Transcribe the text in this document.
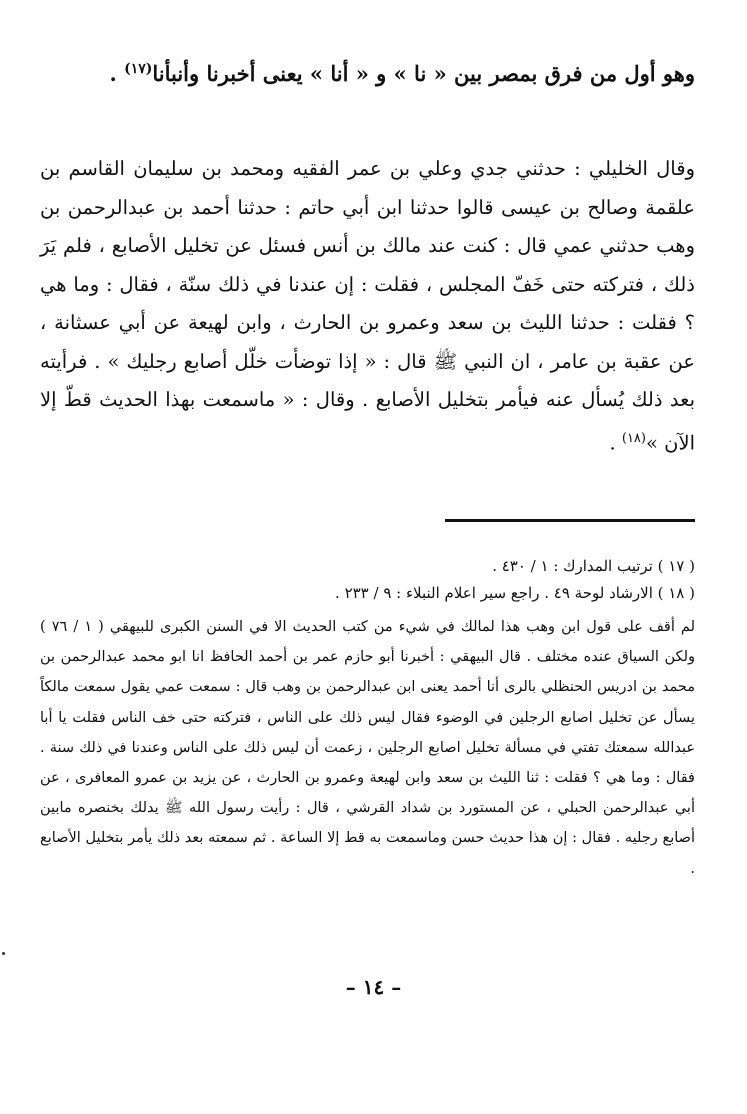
وهو أول من فرق بمصر بين « نا » و « أنا » يعنى أخبرنا وأنبأنا$^{(١٧)}$ .

وقال الخليلي : حدثني جدي وعلي بن عمر الفقيه ومحمد بن سليمان القاسم بن علقمة وصالح بن عيسى قالوا حدثنا ابن أبي حاتم : حدثنا أحمد بن عبدالرحمن بن وهب حدثني عمي قال : كنت عند مالك بن أنس فسئل عن تخليل الأصابع ، فلم يَرَ ذلك ، فتركته حتى خَفّ المجلس ، فقلت : إن عندنا في ذلك سنّة ، فقال : وما هي ؟ فقلت : حدثنا الليث بن سعد وعمرو بن الحارث ، وابن لهيعة عن أبي عسثانة ، عن عقبة بن عامر ، ان النبي ﷺ قال : « إذا توضأت خلّل أصابع رجليك » . فرأيته بعد ذلك يُسأل عنه فيأمر بتخليل الأصابع . وقال : « ماسمعت بهذا الحديث قطّ إلا الآن »$^{(١٨)}$ .

( ١٧ ) ترتيب المدارك : ١ / ٤٣٠ .
( ١٨ ) الارشاد لوحة ٤٩ . راجع سير اعلام النبلاء : ٩ / ٢٣٣ .
لم أقف على قول ابن وهب هذا لمالك في شيء من كتب الحديث الا في السنن الكبرى للبيهقي ( ١ / ٧٦ ) ولكن السياق عنده مختلف . قال البيهقي : أخبرنا أبو حازم عمر بن أحمد الحافظ انا ابو محمد عبدالرحمن بن محمد بن ادريس الحنظلي بالرى أنا أحمد يعنى ابن عبدالرحمن بن وهب قال : سمعت عمي يقول سمعت مالكاً يسأل عن تخليل اصابع الرجلين في الوضوء فقال ليس ذلك على الناس ، فتركته حتى خف الناس فقلت يا أبا عبدالله سمعتك تفتي في مسألة تخليل اصابع الرجلين ، زعمت أن ليس ذلك على الناس وعندنا في ذلك سنة . فقال : وما هي ؟ فقلت : ثنا الليث بن سعد وابن لهيعة وعمرو بن الحارث ، عن يزيد بن عمرو المعافرى ، عن أبي عبدالرحمن الحبلي ، عن المستورد بن شداد القرشي ، قال : رأيت رسول الله ﷺ يدلك بخنصره مابين أصابع رجليه . فقال : إن هذا حديث حسن وماسمعت به قط إلا الساعة . ثم سمعته بعد ذلك يأمر بتخليل الأصابع .
– ١٤ –
